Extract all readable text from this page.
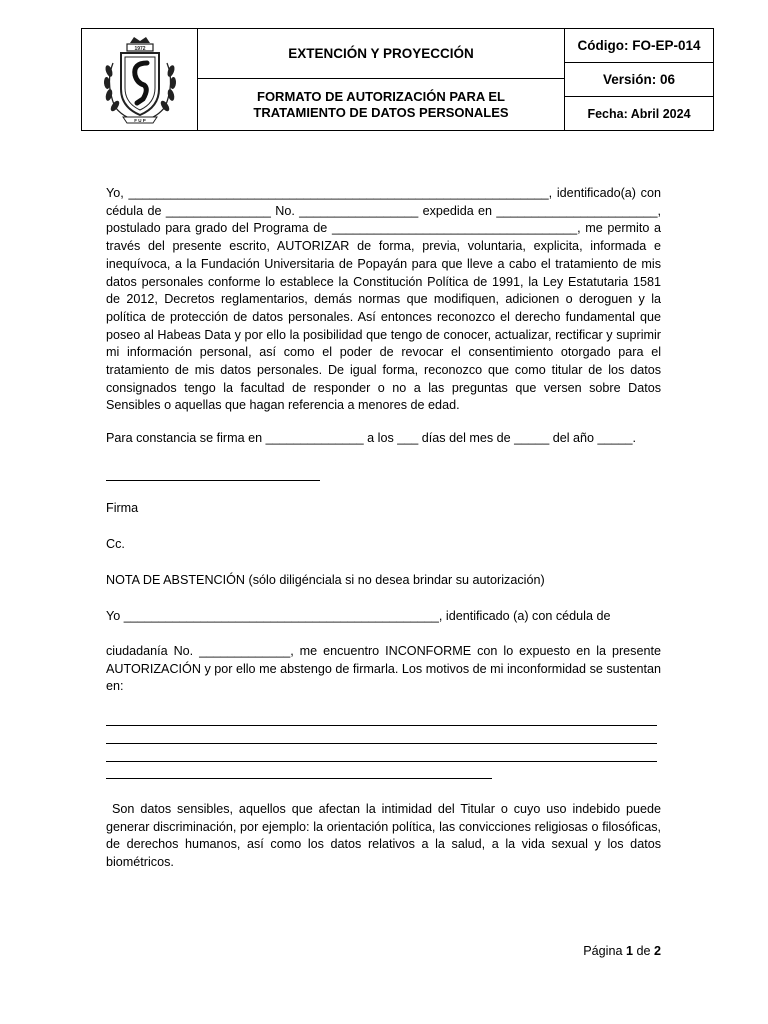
1972
F U P
EXTENCIÓN Y PROYECCIÓN
FORMATO DE AUTORIZACIÓN PARA EL
TRATAMIENTO DE DATOS PERSONALES
Código: FO-EP-014
Versión: 06
Fecha: Abril 2024

Yo, ____________________________________________________________, identificado(a) con cédula de _______________ No. _________________ expedida en _______________________, postulado para grado del Programa de ___________________________________, me permito a través del presente escrito, AUTORIZAR de forma, previa, voluntaria, explicita, informada e inequívoca, a la Fundación Universitaria de Popayán para que lleve a cabo el tratamiento de mis datos personales conforme lo establece la Constitución Política de 1991, la Ley Estatutaria 1581 de 2012, Decretos reglamentarios, demás normas que modifiquen, adicionen o deroguen y la política de protección de datos personales. Así entonces reconozco el derecho fundamental que poseo al Habeas Data y por ello la posibilidad que tengo de conocer, actualizar, rectificar y suprimir mi información personal, así como el poder de revocar el consentimiento otorgado para el tratamiento de mis datos personales. De igual forma, reconozco que como titular de los datos consignados tengo la facultad de responder o no a las preguntas que versen sobre Datos Sensibles o aquellas que hagan referencia a menores de edad.

Para constancia se firma en ______________ a los ___ días del mes de _____ del año _____.
Firma
Cc.
NOTA DE ABSTENCIÓN (sólo diligénciala si no desea brindar su autorización)
Yo _____________________________________________, identificado (a) con cédula de

ciudadanía No. _____________, me encuentro INCONFORME con lo expuesto en la presente AUTORIZACIÓN y por ello me abstengo de firmarla. Los motivos de mi inconformidad se sustentan en:

Son datos sensibles, aquellos que afectan la intimidad del Titular o cuyo uso indebido puede generar discriminación, por ejemplo: la orientación política, las convicciones religiosas o filosóficas, de derechos humanos, así como los datos relativos a la salud, a la vida sexual y los datos biométricos.

Página 1 de 2
